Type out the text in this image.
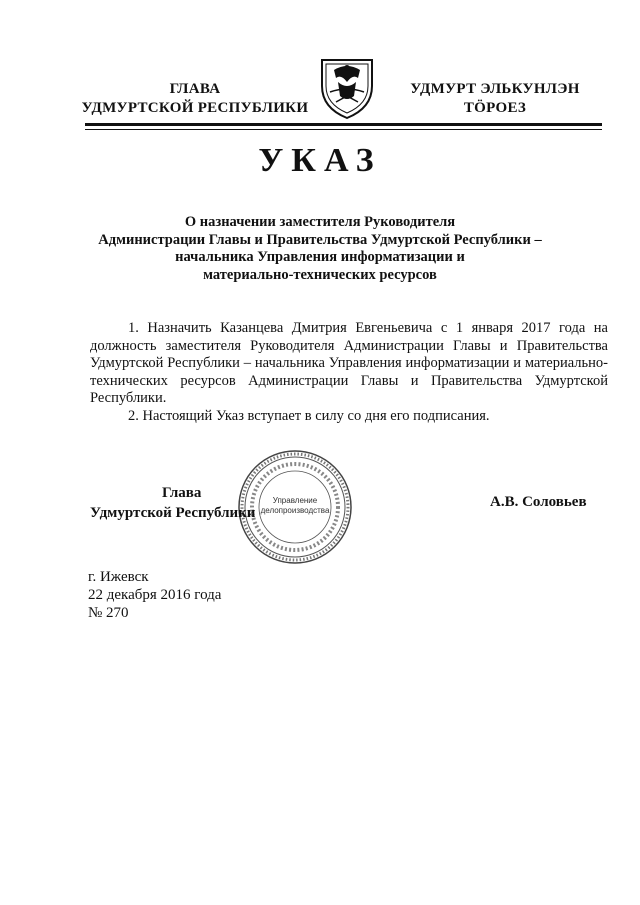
ГЛАВА
УДМУРТСКОЙ РЕСПУБЛИКИ
УДМУРТ ЭЛЬКУНЛЭН
ТӦРОЕЗ
УКАЗ
О назначении заместителя Руководителя
Администрации Главы и Правительства Удмуртской Республики –
начальника Управления информатизации и
материально-технических ресурсов

1. Назначить Казанцева Дмитрия Евгеньевича с 1 января 2017 года на должность заместителя Руководителя Администрации Главы и Правительства Удмуртской Республики – начальника Управления информатизации и материально-технических ресурсов Администрации Главы и Правительства Удмуртской Республики.

2. Настоящий Указ вступает в силу со дня его подписания.

Управление
делопроизводства
Глава
Удмуртской Республики
А.В. Соловьев
г. Ижевск
22 декабря 2016 года
№ 270
